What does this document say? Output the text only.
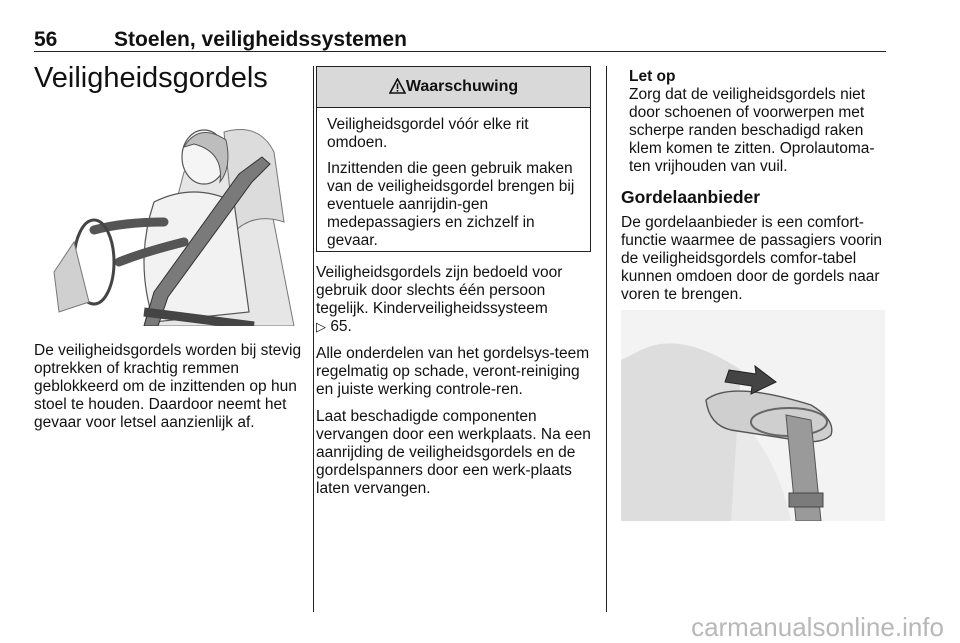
56	Stoelen, veiligheidssystemen
Veiligheidsgordels

De veiligheidsgordels worden bij stevig optrekken of krachtig remmen geblokkeerd om de inzittenden op hun stoel te houden. Daardoor neemt het gevaar voor letsel aanzienlijk af.

Waarschuwing

Veiligheidsgordel vóór elke rit omdoen.

Inzittenden die geen gebruik maken van de veiligheidsgordel brengen bij eventuele aanrijdin-gen medepassagiers en zichzelf in gevaar.

Veiligheidsgordels zijn bedoeld voor gebruik door slechts één persoon tegelijk. Kinderveiligheidssysteem
▷ 65.

Alle onderdelen van het gordelsys-teem regelmatig op schade, veront-reiniging en juiste werking controle-ren.

Laat beschadigde componenten vervangen door een werkplaats. Na een aanrijding de veiligheidsgordels en de gordelspanners door een werk-plaats laten vervangen.

Let op
Zorg dat de veiligheidsgordels niet door schoenen of voorwerpen met scherpe randen beschadigd raken klem komen te zitten. Oprolautoma-ten vrijhouden van vuil.
Gordelaanbieder

De gordelaanbieder is een comfort-functie waarmee de passagiers voorin de veiligheidsgordels comfor-tabel kunnen omdoen door de gordels naar voren te brengen.

carmanualsonline.info
